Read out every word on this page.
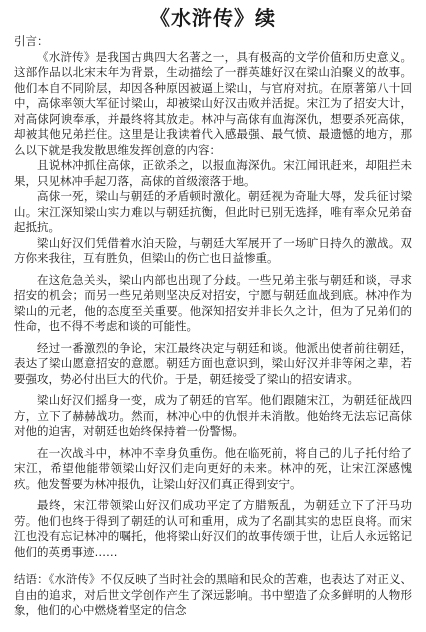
《水浒传》续
引言：

《水浒传》是我国古典四大名著之一，具有极高的文学价值和历史意义。这部作品以北宋末年为背景，生动描绘了一群英雄好汉在梁山泊聚义的故事。他们本自不同阶层，却因各种原因被逼上梁山，与官府对抗。在原著第八十回中，高俅率领大军征讨梁山，却被梁山好汉击败并活捉。宋江为了招安大计，对高俅阿谀奉承，并最终将其放走。林冲与高俅有血海深仇，想要杀死高俅，却被其他兄弟拦住。这里是让我读着代入感最强、最气愤、最遗憾的地方，那么以下就是我发散思维发挥创意的内容：

且说林冲抓住高俅，正欲杀之，以报血海深仇。宋江闻讯赶来，却阻拦未果，只见林冲手起刀落，高俅的首级滚落于地。

高俅一死，梁山与朝廷的矛盾顿时激化。朝廷视为奇耻大辱，发兵征讨梁山。宋江深知梁山实力难以与朝廷抗衡，但此时已别无选择，唯有率众兄弟奋起抵抗。

梁山好汉们凭借着水泊天险，与朝廷大军展开了一场旷日持久的激战。双方你来我往，互有胜负，但梁山的伤亡也日益惨重。

在这危急关头，梁山内部也出现了分歧。一些兄弟主张与朝廷和谈，寻求招安的机会；而另一些兄弟则坚决反对招安，宁愿与朝廷血战到底。林冲作为梁山的元老，他的态度至关重要。他深知招安并非长久之计，但为了兄弟们的性命，也不得不考虑和谈的可能性。

经过一番激烈的争论，宋江最终决定与朝廷和谈。他派出使者前往朝廷，表达了梁山愿意招安的意愿。朝廷方面也意识到，梁山好汉并非等闲之辈，若要强攻，势必付出巨大的代价。于是，朝廷接受了梁山的招安请求。

梁山好汉们摇身一变，成为了朝廷的官军。他们跟随宋江，为朝廷征战四方，立下了赫赫战功。然而，林冲心中的仇恨并未消散。他始终无法忘记高俅对他的迫害，对朝廷也始终保持着一份警惕。

在一次战斗中，林冲不幸身负重伤。他在临死前，将自己的儿子托付给了宋江，希望他能带领梁山好汉们走向更好的未来。林冲的死，让宋江深感愧疚。他发誓要为林冲报仇，让梁山好汉们真正得到安宁。

最终，宋江带领梁山好汉们成功平定了方腊叛乱，为朝廷立下了汗马功劳。他们也终于得到了朝廷的认可和重用，成为了名副其实的忠臣良将。而宋江也没有忘记林冲的嘱托，他将梁山好汉们的故事传颂于世，让后人永远铭记他们的英勇事迹……

结语：《水浒传》不仅反映了当时社会的黑暗和民众的苦难，也表达了对正义、自由的追求，对后世文学创作产生了深远影响。书中塑造了众多鲜明的人物形象，他们的心中燃烧着坚定的信念
